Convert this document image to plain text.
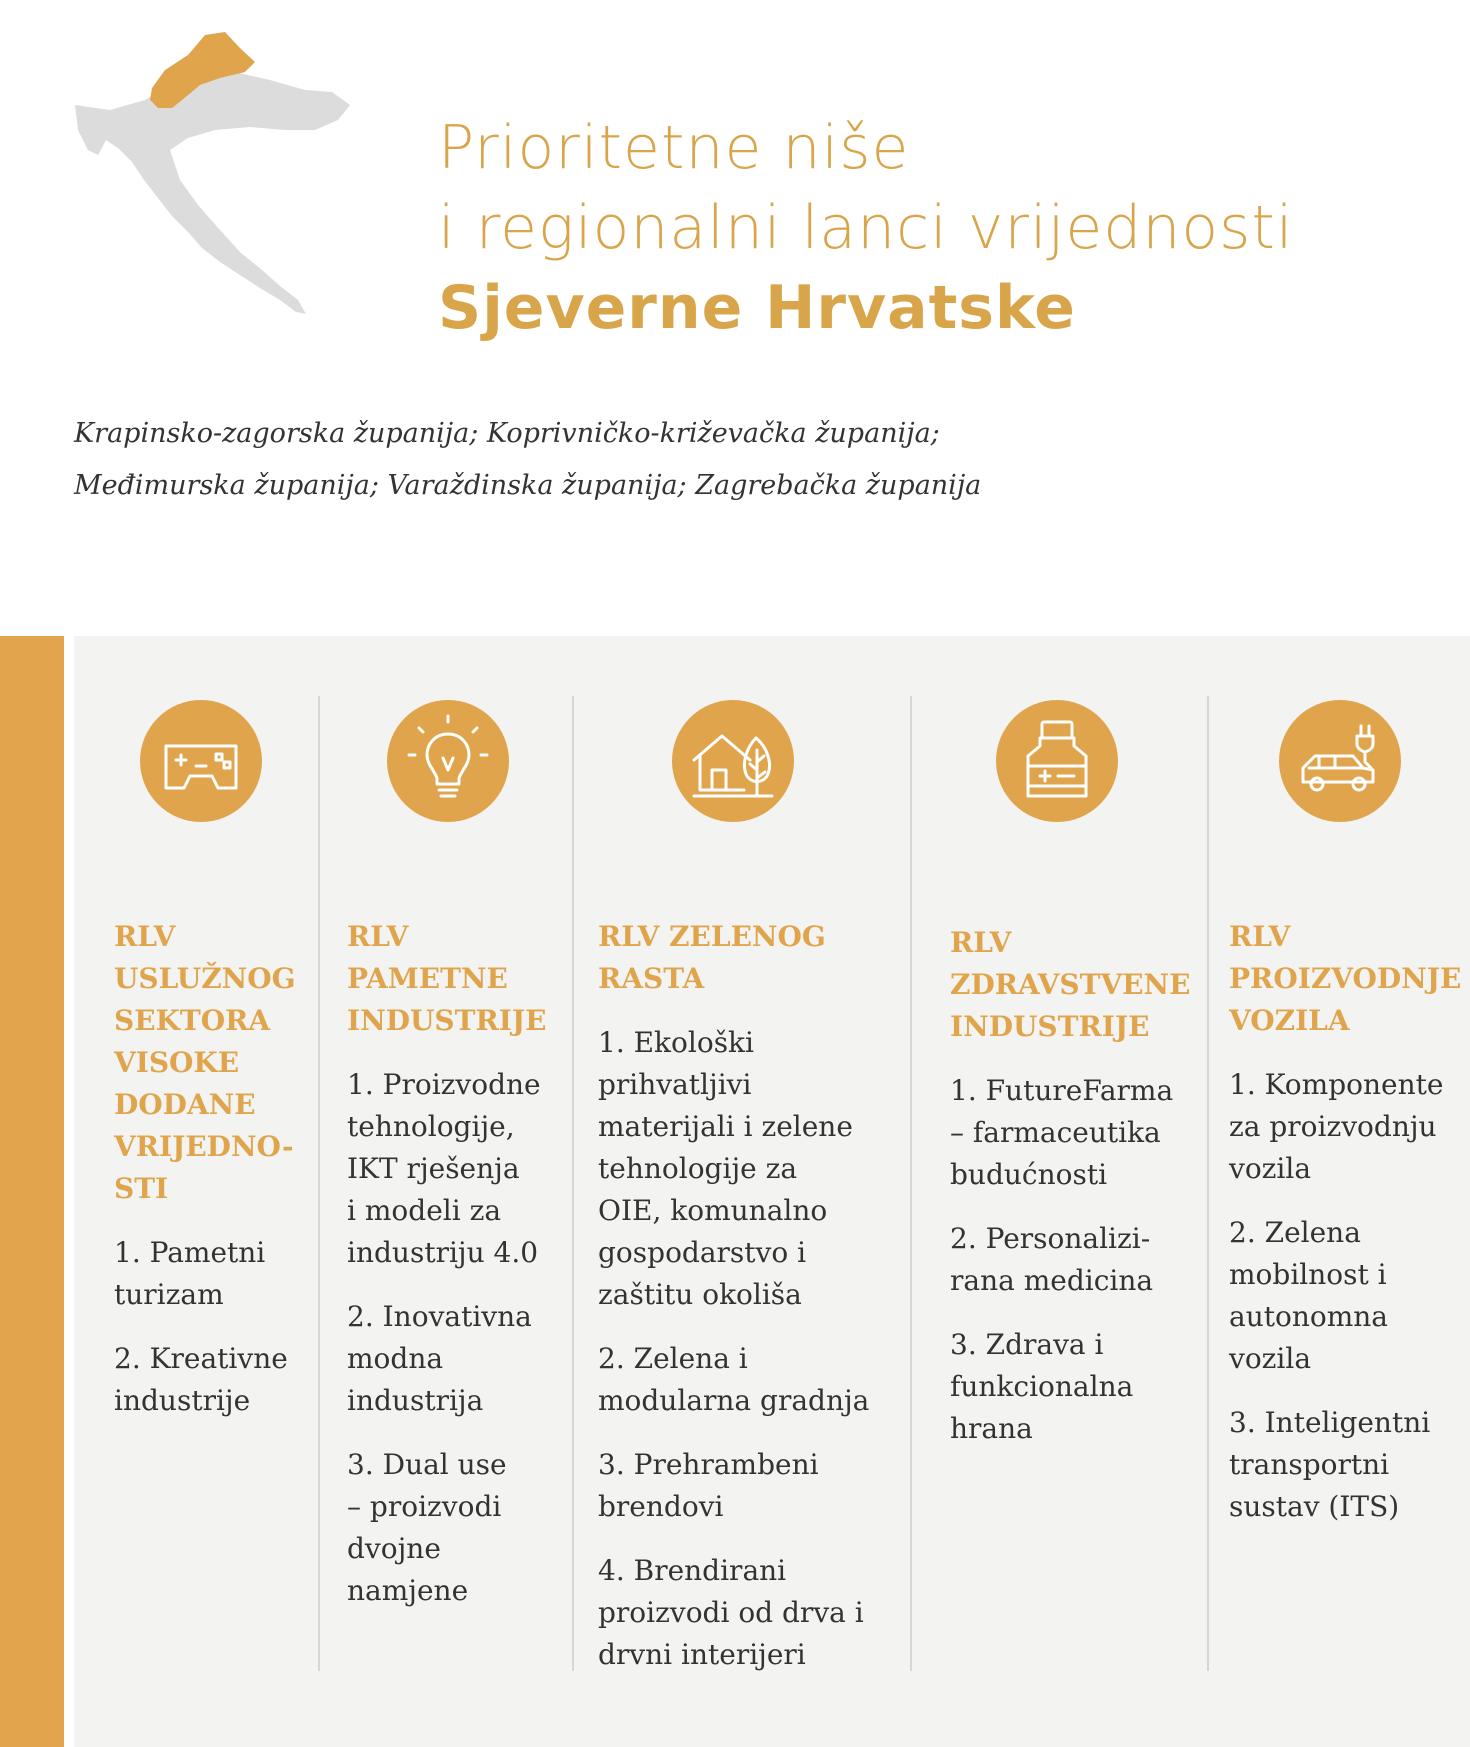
Prioritetne niše
i regionalni lanci vrijednosti
Sjeverne Hrvatske
Krapinsko-zagorska županija; Koprivničko-križevačka županija;
Međimurska županija; Varaždinska županija; Zagrebačka županija
RLV
USLUŽNOG
SEKTORA
VISOKE
DODANE
VRIJEDNO-
STI
1. Pametni
turizam
2. Kreativne
industrije
RLV
PAMETNE
INDUSTRIJE
1. Proizvodne
tehnologije,
IKT rješenja
i modeli za
industriju 4.0
2. Inovativna
modna
industrija
3. Dual use
– proizvodi
dvojne
namjene
RLV ZELENOG
RASTA
1. Ekološki
prihvatljivi
materijali i zelene
tehnologije za
OIE, komunalno
gospodarstvo i
zaštitu okoliša
2. Zelena i
modularna gradnja
3. Prehrambeni
brendovi
4. Brendirani
proizvodi od drva i
drvni interijeri
RLV
ZDRAVSTVENE
INDUSTRIJE
1. FutureFarma
– farmaceutika
budućnosti
2. Personalizi-
rana medicina
3. Zdrava i
funkcionalna
hrana
RLV
PROIZVODNJE
VOZILA
1. Komponente
za proizvodnju
vozila
2. Zelena
mobilnost i
autonomna
vozila
3. Inteligentni
transportni
sustav (ITS)
